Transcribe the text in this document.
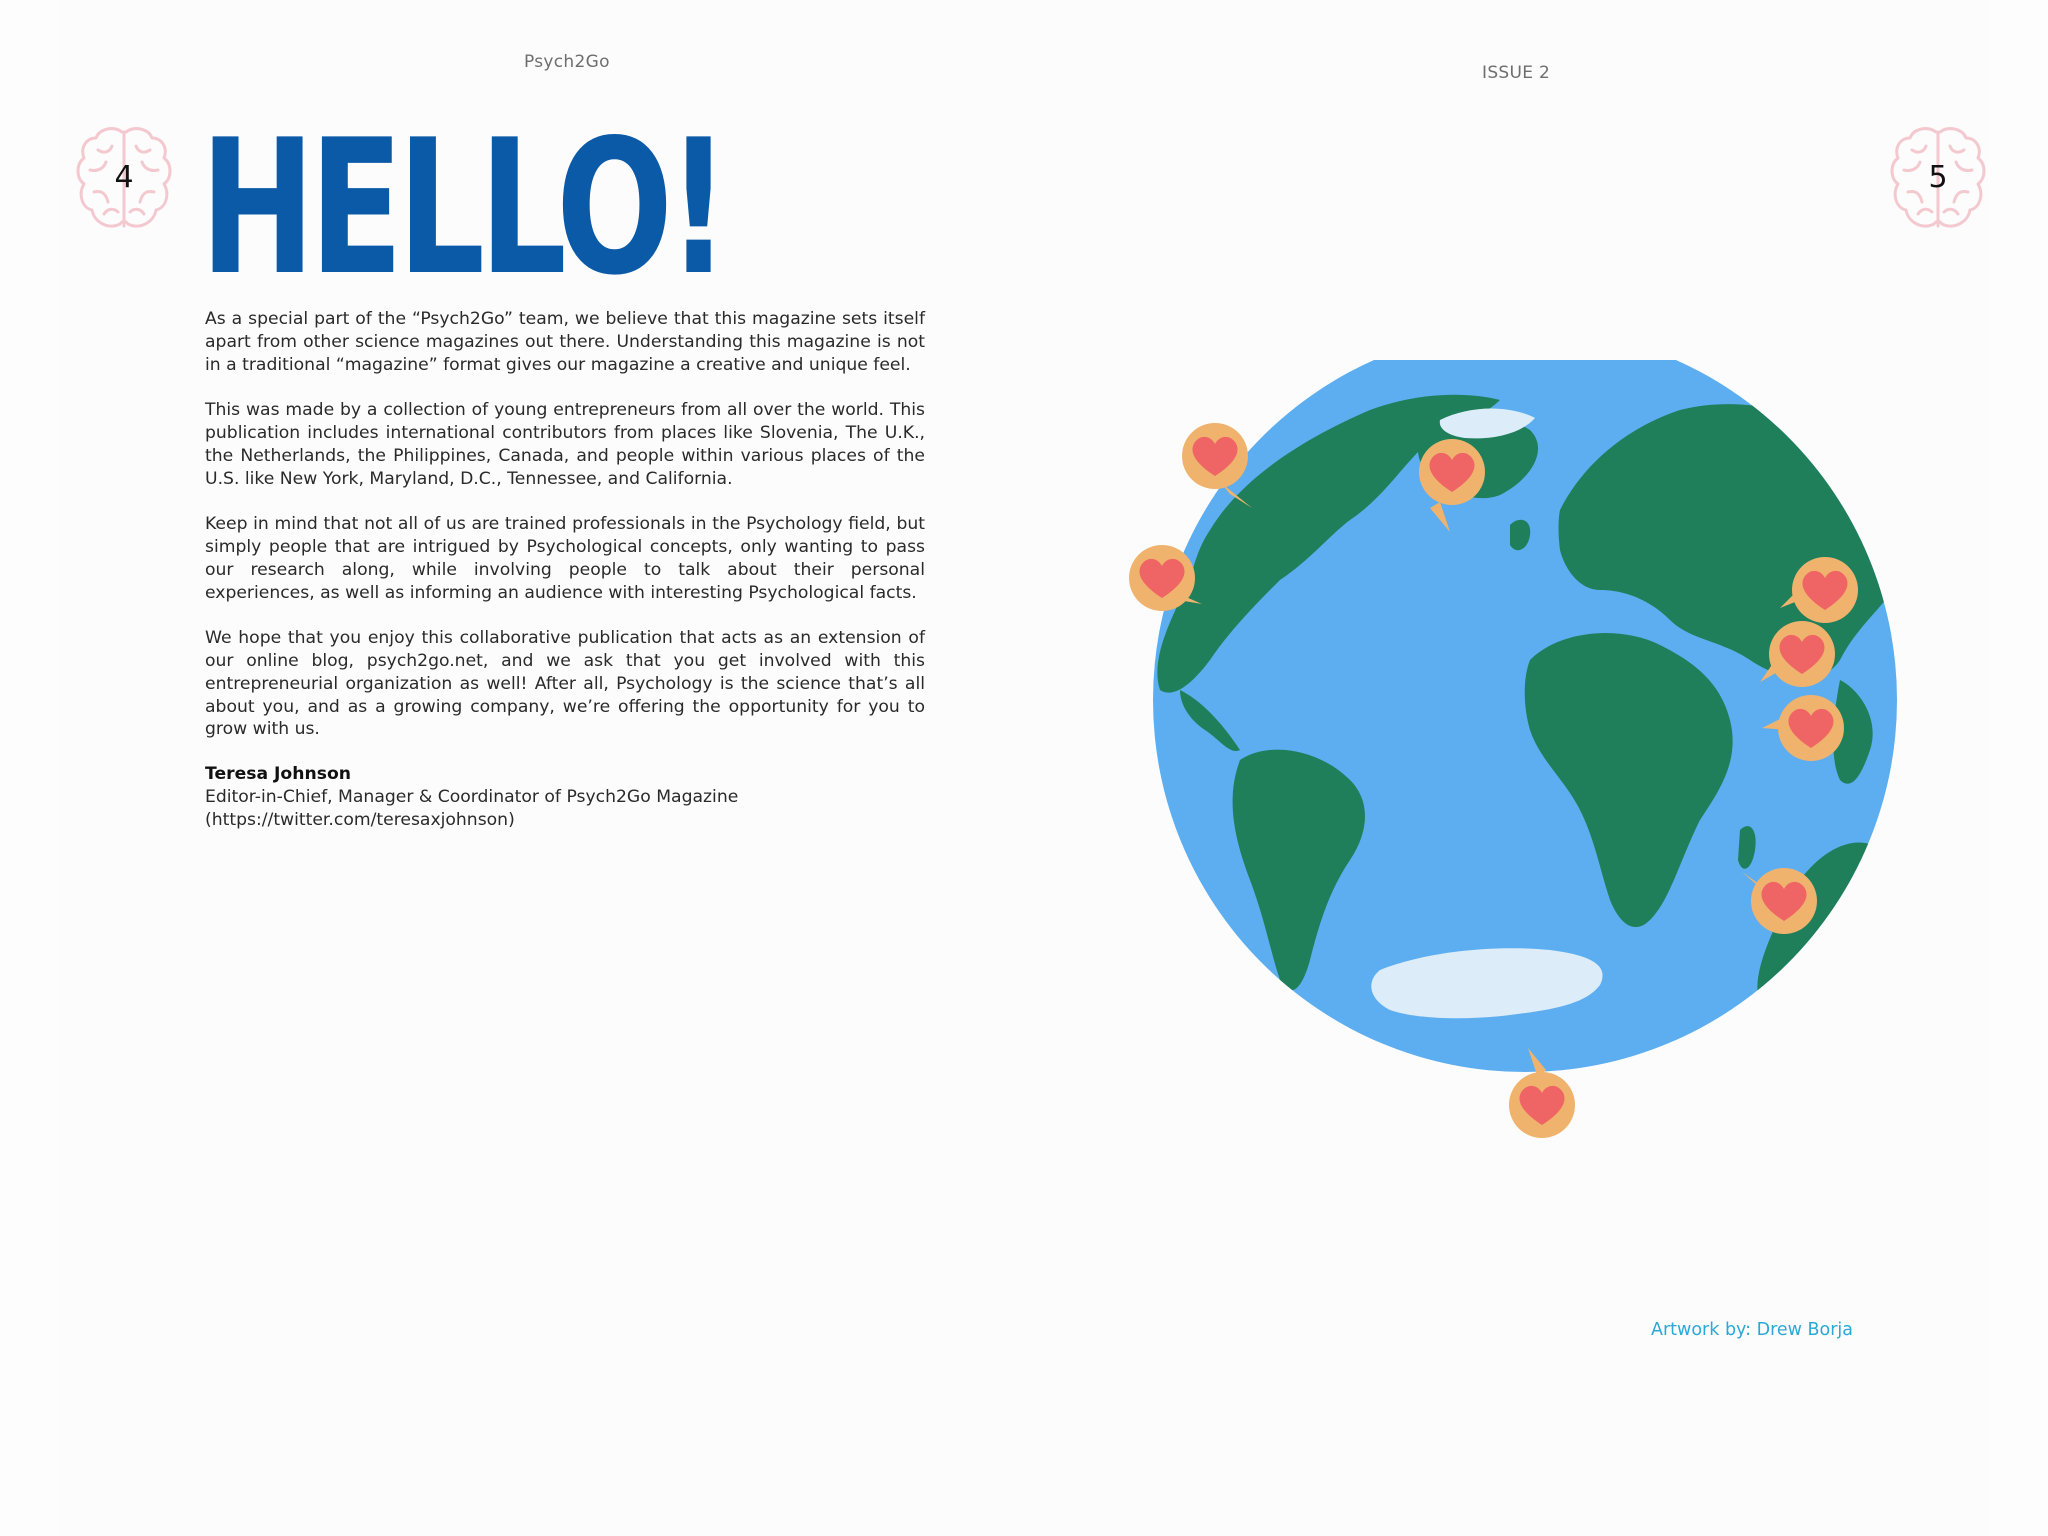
Psych2Go
ISSUE 2
4	5
HELLO!

As a special part of the “Psych2Go” team, we believe that this magazine sets itself apart from other science magazines out there. Understanding this magazine is not in a traditional “magazine” format gives our magazine a creative and unique feel.

This was made by a collection of young entrepreneurs from all over the world. This publication includes international contributors from places like Slovenia, The U.K., the Netherlands, the Philippines, Canada, and people within various places of the U.S. like New York, Maryland, D.C., Tennessee, and California.

Keep in mind that not all of us are trained professionals in the Psychology field, but simply people that are intrigued by Psychological concepts, only wanting to pass our research along, while involving people to talk about their personal experiences, as well as informing an audience with interesting Psychological facts.

We hope that you enjoy this collaborative publication that acts as an extension of our online blog, psych2go.net, and we ask that you get involved with this entrepreneurial organization as well! After all, Psychology is the science that’s all about you, and as a growing company, we’re offering the opportunity for you to grow with us.

Teresa Johnson
Editor-in-Chief, Manager & Coordinator of Psych2Go Magazine
(https://twitter.com/teresaxjohnson)
Artwork by: Drew Borja
